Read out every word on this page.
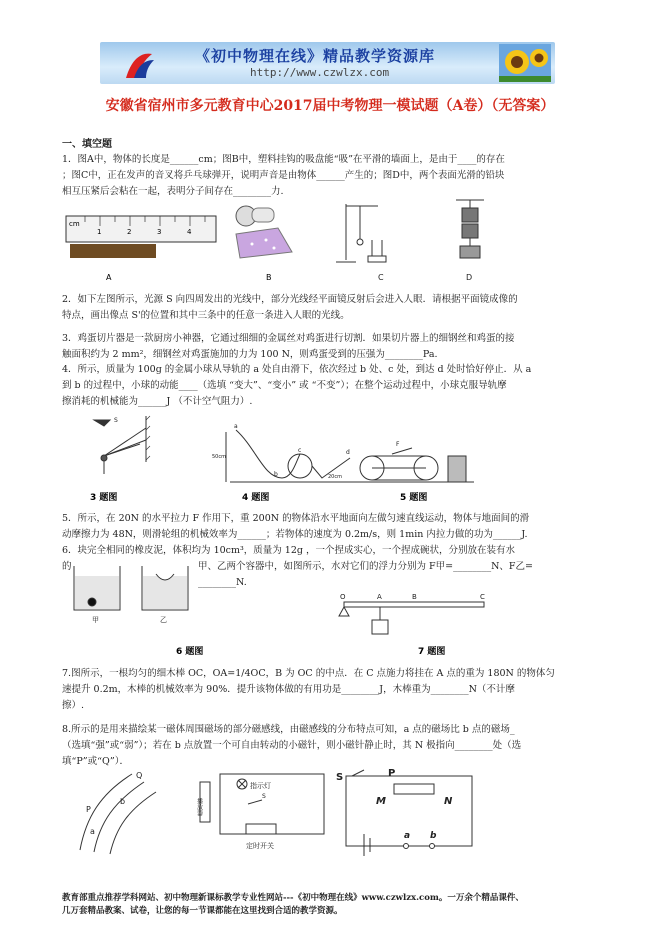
《初中物理在线》精品教学资源库
http://www.czwlzx.com
安徽省宿州市多元教育中心2017届中考物理一模试题（A卷）（无答案）
一、填空题
1．图A中，物体的长度是______cm；图B中，塑料挂钩的吸盘能“吸”在平滑的墙面上，是由于____的存在
；图C中，正在发声的音叉将乒乓球弹开，说明声音是由物体______产生的；图D中，两个表面光滑的铅块
相互压紧后会粘在一起，表明分子间存在________力.
cm
1	2	3	4
A	B	C	D
2．如下左图所示，光源 S 向四周发出的光线中，部分光线经平面镜反射后会进入人眼．请根据平面镜成像的
特点，画出像点 S'的位置和其中三条中的任意一条进入人眼的光线。
3．鸡蛋切片器是一款厨房小神器，它通过细细的金属丝对鸡蛋进行切割．如果切片器上的细钢丝和鸡蛋的接
触面积约为 2 mm²，细钢丝对鸡蛋施加的力为 100 N，则鸡蛋受到的压强为________Pa.
4．所示，质量为 100g 的金属小球从导轨的 a 处自由滑下，依次经过 b 处、c 处，到达 d 处时恰好停止．从 a
到 b 的过程中，小球的动能____（选填 “变大”、“变小” 或 “不变”）；在整个运动过程中，小球克服导轨摩
擦消耗的机械能为______J （不计空气阻力）.
S
3 题图
50cm
a
b
c	d
20cm
4 题图
F
5 题图
5．所示，在 20N 的水平拉力 F 作用下，重 200N 的物体沿水平地面向左做匀速直线运动，物体与地面间的滑
动摩擦力为 48N，则滑轮组的机械效率为______；若物体的速度为 0.2m/s，则 1min 内拉力做的功为______J.
6．块完全相同的橡皮泥，体积均为 10cm³，质量为 12g ，一个捏成实心，一个捏成碗状，分别放在装有水
的	甲、乙两个容器中，如图所示，水对它们的浮力分别为 F甲=________N、F乙=
________N.
甲	乙
6 题图
O	A	B	C
7 题图
7.图所示，一根均匀的细木棒 OC，OA=1/4OC，B 为 OC 的中点．在 C 点施力将挂在 A 点的重为 180N 的物体匀
速提升 0.2m，木棒的机械效率为 90%．提升该物体做的有用功是________J，木棒重为________N（不计摩
擦）.
8.所示的是用来描绘某一磁体周围磁场的部分磁感线，由磁感线的分布特点可知，a 点的磁场比 b 点的磁场_
（选填“强”或“弱”）；若在 b 点放置一个可自由转动的小磁针，则小磁针静止时，其 N 极指向________处（选
填“P”或“Q”）．
Q
P
b
a
播放器
指示灯
S
定时开关
S	P
M	N
a b
教育部重点推荐学科网站、初中物理新课标教学专业性网站---《初中物理在线》www.czwlzx.com。一万余个精品课件、
几万套精品教案、试卷，让您的每一节课都能在这里找到合适的教学资源。
